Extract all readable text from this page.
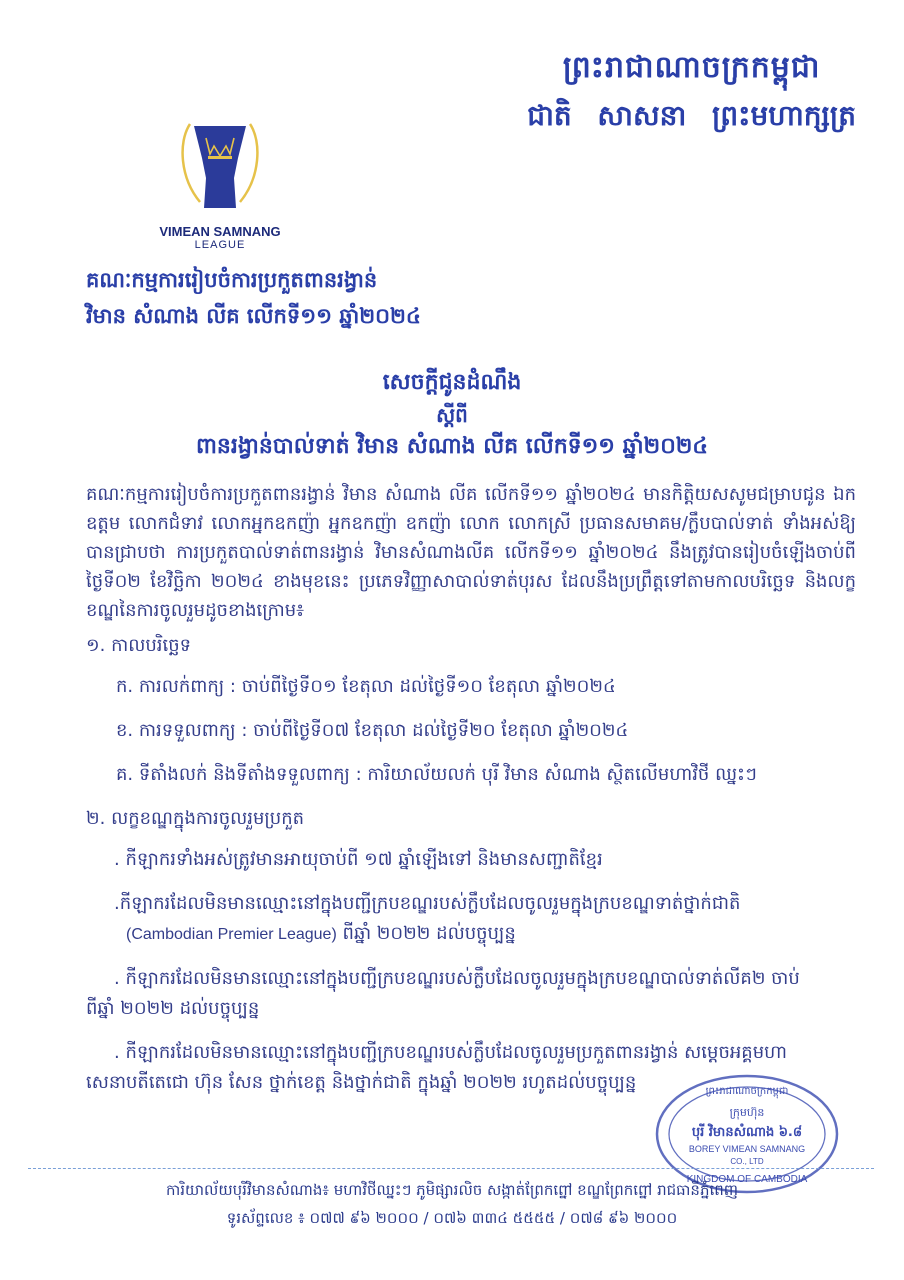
ព្រះរាជាណាចក្រកម្ពុជា
ជាតិ សាសនា ព្រះមហាក្សត្រ
VIMEAN SAMNANG
LEAGUE
គណៈកម្មការរៀបចំការប្រកួតពានរង្វាន់
វិមាន សំណាង លីគ លើកទី១១ ឆ្នាំ២០២៤
សេចក្តីជូនដំណឹង
ស្តីពី
ពានរង្វាន់បាល់ទាត់ វិមាន សំណាង លីគ លើកទី១១ ឆ្នាំ២០២៤
គណៈកម្មការរៀបចំការប្រកួតពានរង្វាន់ វិមាន សំណាង លីគ លើកទី១១ ឆ្នាំ២០២៤ មានកិត្តិយសសូមជម្រាបជូន ឯកឧត្តម លោកជំទាវ លោកអ្នកឧកញ៉ា អ្នកឧកញ៉ា ឧកញ៉ា លោក លោកស្រី ប្រធានសមាគម/ក្លឹបបាល់ទាត់ ទាំងអស់ឱ្យបានជ្រាបថា ការប្រកួតបាល់ទាត់ពានរង្វាន់ វិមានសំណាងលីគ លើកទី១១ ឆ្នាំ២០២៤ នឹងត្រូវបានរៀបចំឡើងចាប់ពី ថ្ងៃទី០២ ខែវិច្ឆិកា ២០២៤ ខាងមុខនេះ ប្រភេទវិញ្ញាសាបាល់ទាត់បុរស ដែលនឹងប្រព្រឹត្តទៅតាមកាលបរិច្ឆេទ និងលក្ខខណ្ឌនៃការចូលរួមដូចខាងក្រោម៖
១. កាលបរិច្ឆេទ
ក. ការលក់ពាក្យ : ចាប់ពីថ្ងៃទី០១ ខែតុលា ដល់ថ្ងៃទី១០ ខែតុលា ឆ្នាំ២០២៤
ខ. ការទទួលពាក្យ : ចាប់ពីថ្ងៃទី០៧ ខែតុលា ដល់ថ្ងៃទី២០ ខែតុលា ឆ្នាំ២០២៤
គ. ទីតាំងលក់ និងទីតាំងទទួលពាក្យ : ការិយាល័យលក់ បុរី វិមាន សំណាង ស្ថិតលើមហាវិថី ឈ្នះៗ
២. លក្ខខណ្ឌក្នុងការចូលរួមប្រកួត
. កីឡាករទាំងអស់ត្រូវមានអាយុចាប់ពី ១៧ ឆ្នាំឡើងទៅ និងមានសញ្ជាតិខ្មែរ
.កីឡាករដែលមិនមានឈ្មោះនៅក្នុងបញ្ជីក្របខណ្ឌរបស់ក្លឹបដែលចូលរួមក្នុងក្របខណ្ឌទាត់ថ្នាក់ជាតិ
(Cambodian Premier League) ពីឆ្នាំ ២០២២ ដល់បច្ចុប្បន្ន
. កីឡាករដែលមិនមានឈ្មោះនៅក្នុងបញ្ជីក្របខណ្ឌរបស់ក្លឹបដែលចូលរួមក្នុងក្របខណ្ឌបាល់ទាត់លីគ២ ចាប់
ពីឆ្នាំ ២០២២ ដល់បច្ចុប្បន្ន
. កីឡាករដែលមិនមានឈ្មោះនៅក្នុងបញ្ជីក្របខណ្ឌរបស់ក្លឹបដែលចូលរួមប្រកួតពានរង្វាន់ សម្តេចអគ្គមហា
សេនាបតីតេជោ ហ៊ុន សែន ថ្នាក់ខេត្ត និងថ្នាក់ជាតិ ក្នុងឆ្នាំ ២០២២ រហូតដល់បច្ចុប្បន្ន	ព្រះរាជាណាចក្រកម្ពុជា
ក្រុមហ៊ុន
បុរី វិមានសំណាង ៦.៨
BOREY VIMEAN SAMNANG
CO., LTD
KINGDOM OF CAMBODIA
ការិយាល័យបុរីវិមានសំណាង៖ មហាវិថីឈ្នះៗ ភូមិផ្សារលិច សង្កាត់ព្រែកព្នៅ ខណ្ឌព្រែកព្នៅ រាជធានីភ្នំពេញ
ទូរស័ព្ទលេខ ៖ ០៧៧ ៩៦ ២០០០ / ០៧៦ ៣៣៤ ៥៥៥៥ / ០៧៨ ៩៦ ២០០០
